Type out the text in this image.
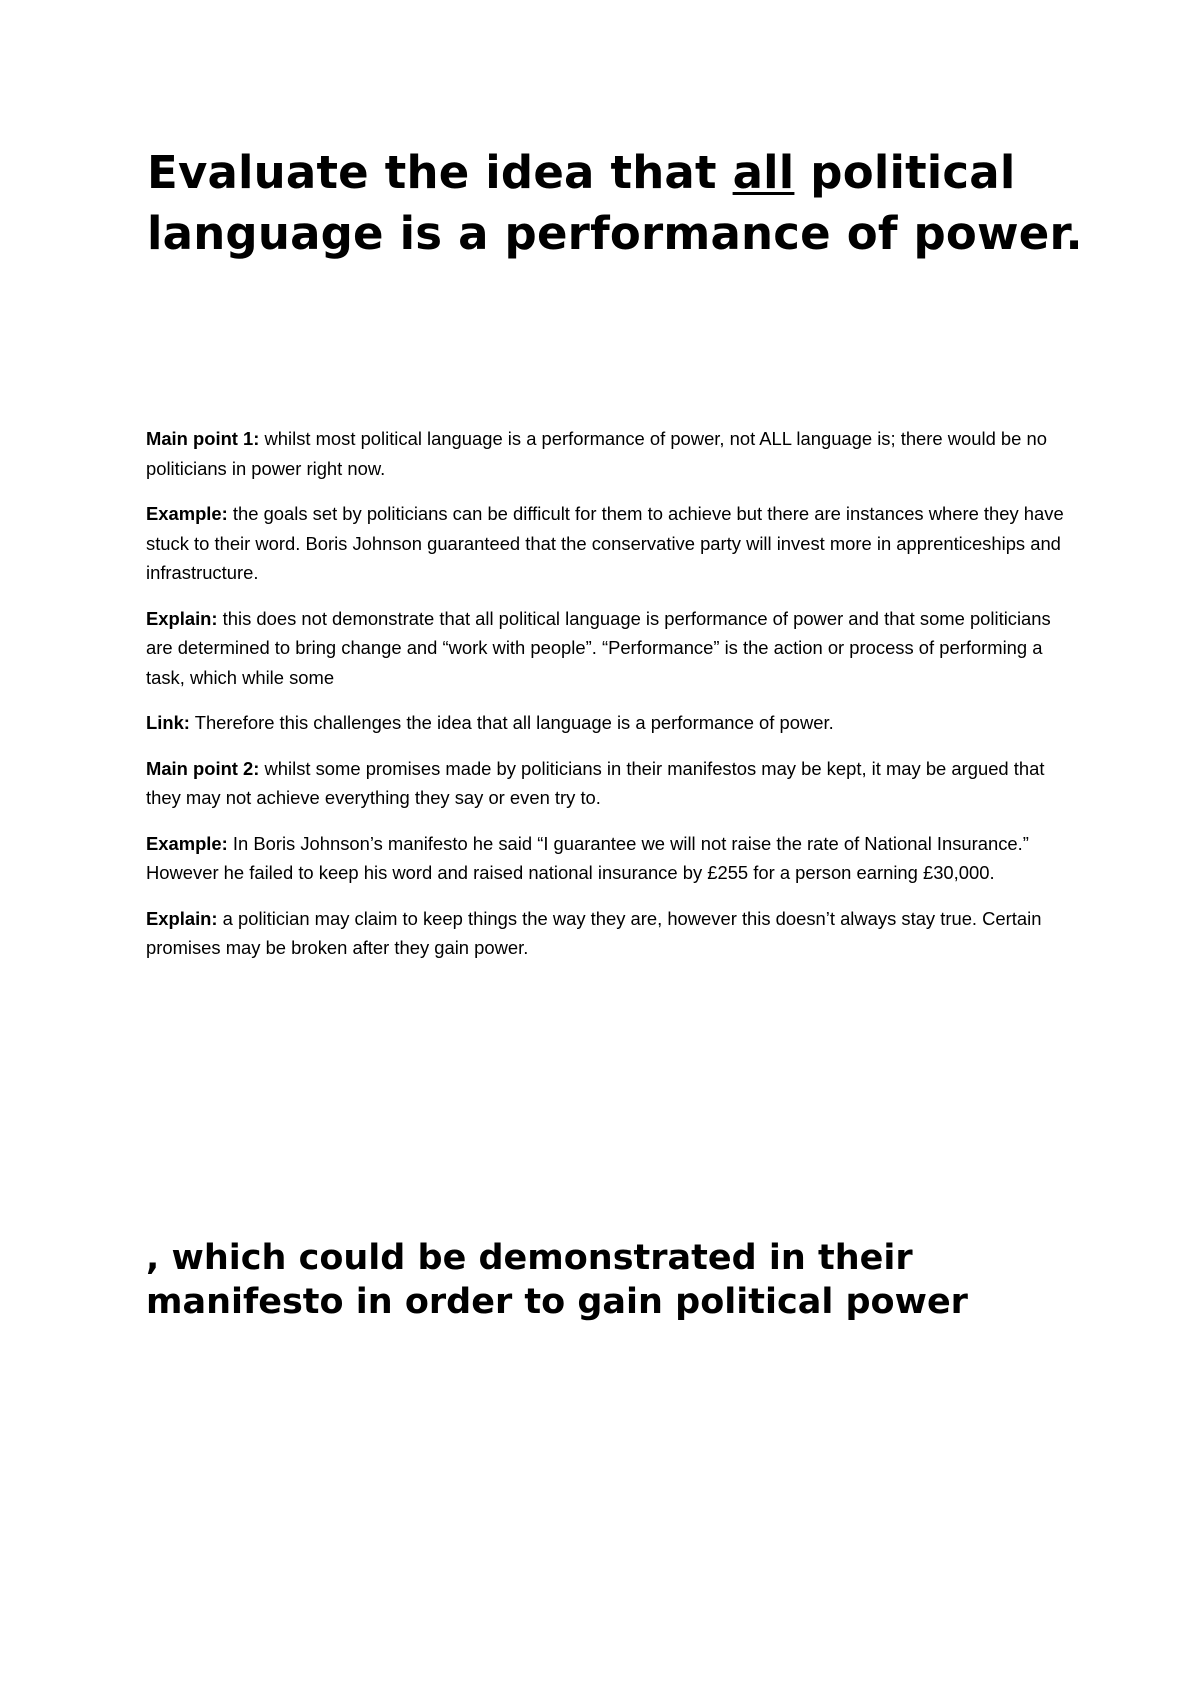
Evaluate the idea that all political language is a performance of power.

Main point 1: whilst most political language is a performance of power, not ALL language is; there would be no politicians in power right now.

Example: the goals set by politicians can be difficult for them to achieve but there are instances where they have stuck to their word. Boris Johnson guaranteed that the conservative party will invest more in apprenticeships and infrastructure.

Explain: this does not demonstrate that all political language is performance of power and that some politicians are determined to bring change and “work with people”. “Performance” is the action or process of performing a task, which while some

Link: Therefore this challenges the idea that all language is a performance of power.

Main point 2: whilst some promises made by politicians in their manifestos may be kept, it may be argued that they may not achieve everything they say or even try to.

Example: In Boris Johnson’s manifesto he said “I guarantee we will not raise the rate of National Insurance.” However he failed to keep his word and raised national insurance by £255 for a person earning £30,000.

Explain: a politician may claim to keep things the way they are, however this doesn’t always stay true. Certain promises may be broken after they gain power.

, which could be demonstrated in their manifesto in order to gain political power
